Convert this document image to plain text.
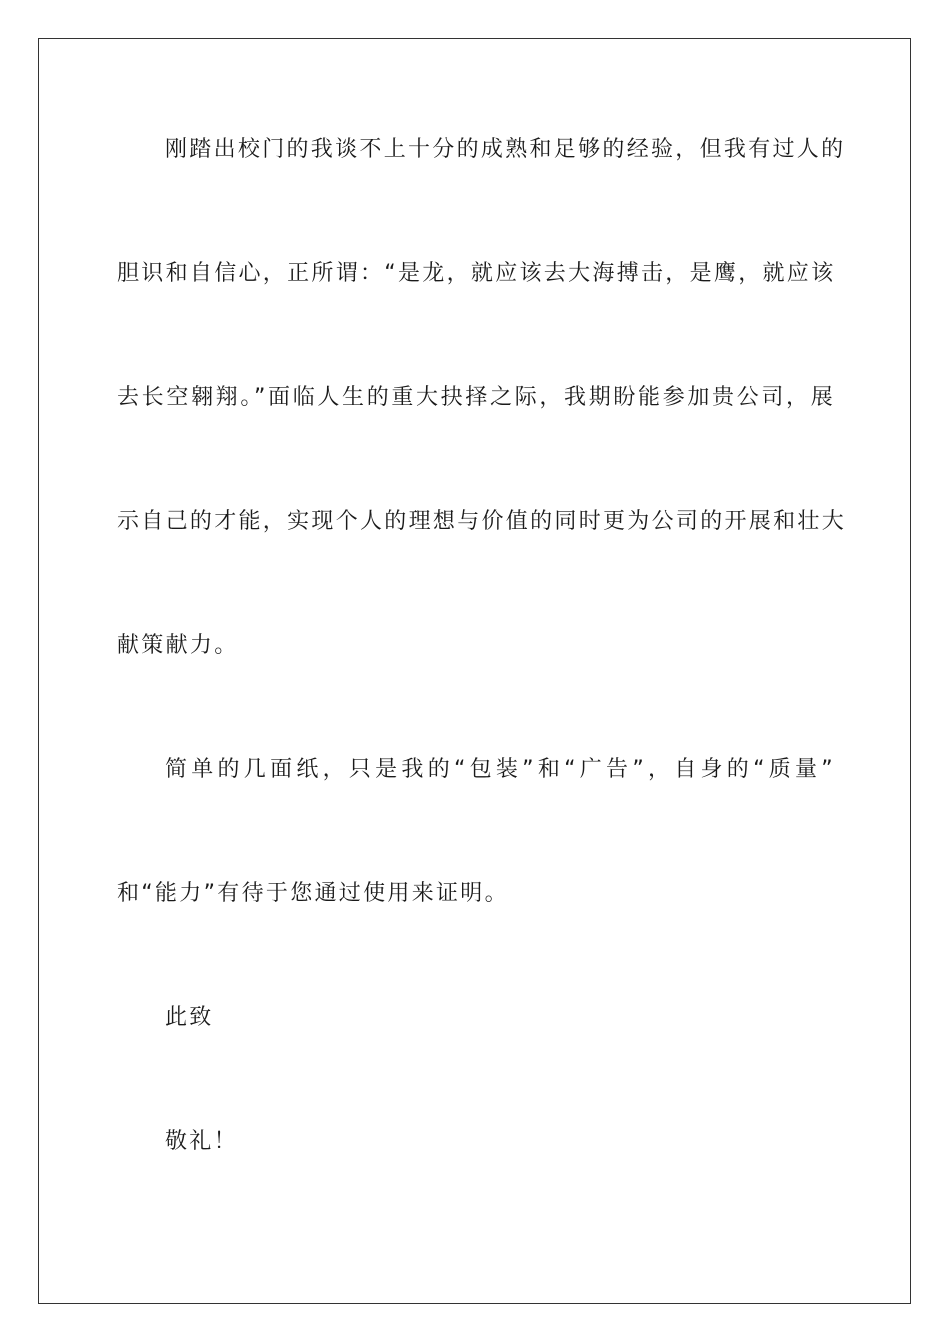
刚踏出校门的我谈不上十分的成熟和足够的经验，但我有过人的
胆识和自信心，正所谓：“是龙，就应该去大海搏击，是鹰，就应该
去长空翱翔。”面临人生的重大抉择之际，我期盼能参加贵公司，展
示自己的才能，实现个人的理想与价值的同时更为公司的开展和壮大
献策献力。
简单的几面纸，只是我的“包装”和“广告”，自身的“质量”
和“能力”有待于您通过使用来证明。
此致
敬礼！
